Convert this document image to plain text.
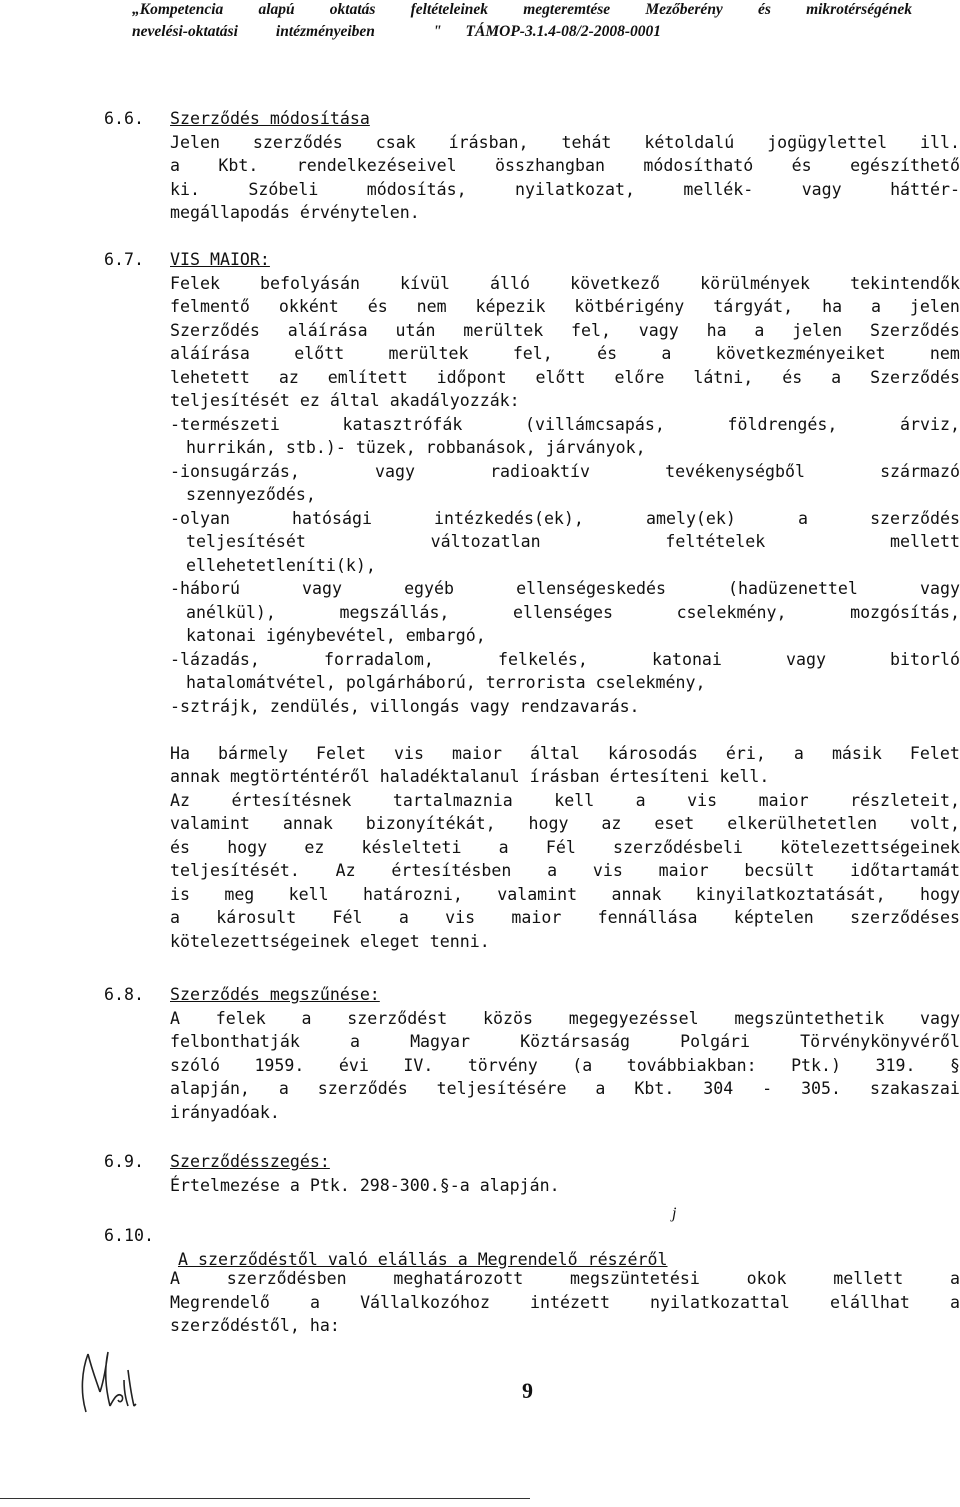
„Kompetencia alapú oktatás feltételeinek megteremtése Mezőberény és mikrotérségének
nevelési-oktatási intézményeiben	" TÁMOP-3.1.4-08/2-2008-0001
6.6. Szerződés módosítása
Jelen szerződés csak írásban, tehát kétoldalú jogügylettel ill.
a Kbt. rendelkezéseivel összhangban módosítható és egészíthető
ki.	Szóbeli	módosítás,	nyilatkozat,	mellék-	vagy	háttér-
megállapodás érvénytelen.
6.7. VIS MAIOR:
Felek befolyásán kívül álló következő körülmények tekintendők
felmentő okként és nem képezik kötbérigény tárgyát, ha a jelen
Szerződés aláírása után merültek fel, vagy ha a jelen Szerződés
aláírása	előtt	merültek	fel,	és	a	következményeiket	nem
lehetett az említett időpont előtt előre látni, és a Szerződés
teljesítését ez által akadályozzák:
-természeti	katasztrófák	(villámcsapás,	földrengés,	árviz,
hurrikán, stb.)- tüzek, robbanások, járványok,
-ionsugárzás,	vagy	radioaktív	tevékenységből	származó
szennyeződés,
-olyan	hatósági	intézkedés(ek),	amely(ek)	a	szerződés
teljesítését	változatlan	feltételek	mellett
ellehetetleníti(k),
-háború	vagy	egyéb	ellenségeskedés	(hadüzenettel	vagy
anélkül),	megszállás,	ellenséges	cselekmény,	mozgósítás,
katonai igénybevétel, embargó,
-lázadás,	forradalom,	felkelés,	katonai	vagy	bitorló
hatalomátvétel, polgárháború, terrorista cselekmény,
-sztrájk, zendülés, villongás vagy rendzavarás.
Ha bármely Felet vis maior által károsodás éri, a másik Felet
annak megtörténtéről haladéktalanul írásban értesíteni kell.
Az értesítésnek tartalmaznia kell a vis maior részleteit,
valamint annak bizonyítékát, hogy az eset elkerülhetetlen volt,
és hogy ez késlelteti a Fél szerződésbeli kötelezettségeinek
teljesítését. Az értesítésben a vis maior becsült időtartamát
is meg kell határozni, valamint annak kinyilatkoztatását, hogy
a károsult Fél a vis maior fennállása képtelen szerződéses
kötelezettségeinek eleget tenni.
6.8. Szerződés megszűnése:
A felek a szerződést közös megegyezéssel megszüntethetik vagy
felbonthatják	a	Magyar	Köztársaság	Polgári	Törvénykönyvéről
szóló 1959. évi IV. törvény (a továbbiakban: Ptk.) 319. §
alapján, a szerződés teljesítésére a Kbt. 304 - 305. szakaszai
irányadóak.
6.9. Szerződésszegés:
Értelmezése a Ptk. 298-300.§-a alapján.
j
6.10.

A szerződéstől való elállás a Megrendelő részéről

A	szerződésben	meghatározott	megszüntetési	okok	mellett	a
Megrendelő a Vállalkozóhoz intézett nyilatkozattal elállhat a
szerződéstől, ha:
9
